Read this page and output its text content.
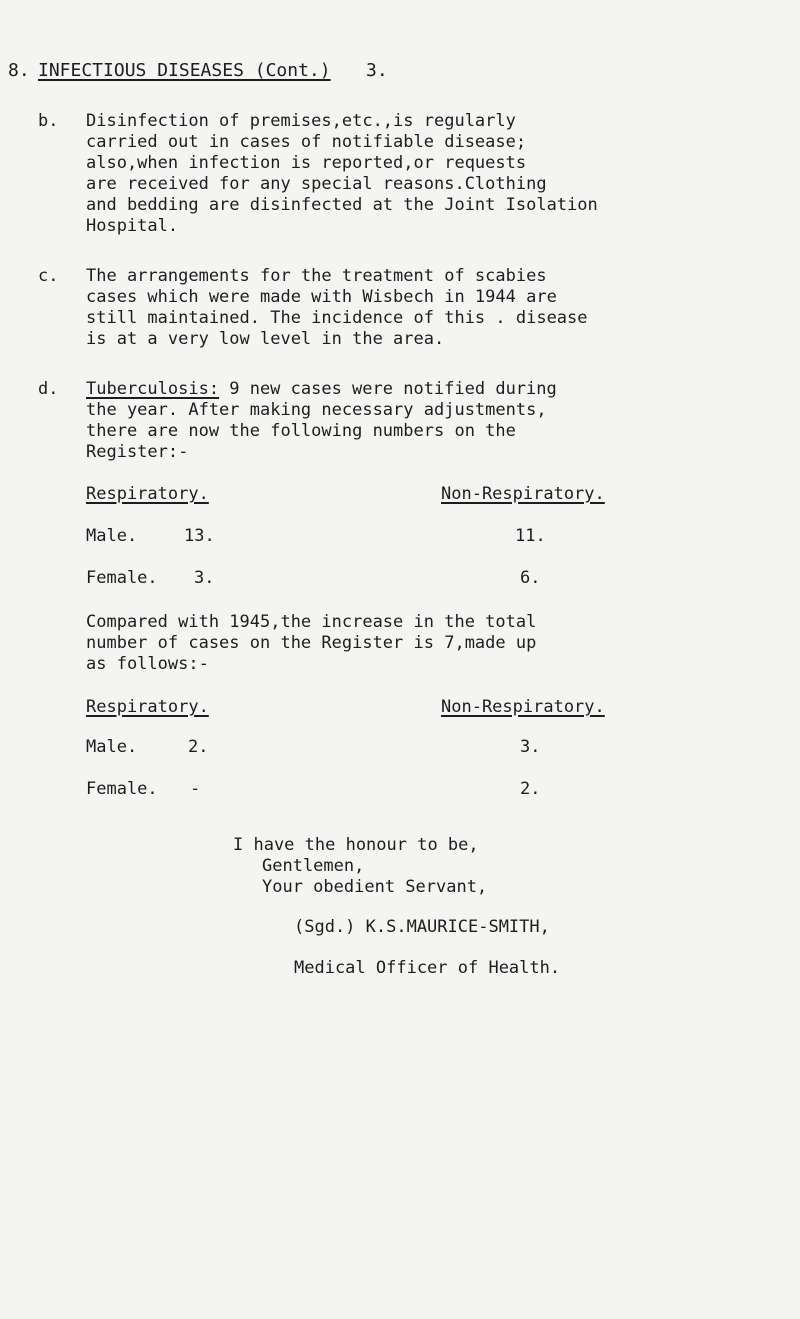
8. INFECTIOUS DISEASES (Cont.) 3.
b. Disinfection of premises,etc.,is regularly
carried out in cases of notifiable disease;
also,when infection is reported,or requests
are received for any special reasons.Clothing
and bedding are disinfected at the Joint Isolation
Hospital.
c. The arrangements for the treatment of scabies
cases which were made with Wisbech in 1944 are
still maintained. The incidence of this . disease
is at a very low level in the area.
d. Tuberculosis: 9 new cases were notified during
the year. After making necessary adjustments,
there are now the following numbers on the
Register:-
Respiratory.	Non-Respiratory.
Male.	13.	11.
Female. 3.	6.
Compared with 1945,the increase in the total
number of cases on the Register is 7,made up
as follows:-
Respiratory.	Non-Respiratory.
Male.	2.	3.
Female. -	2.
I have the honour to be,
Gentlemen,
Your obedient Servant,
(Sgd.) K.S.MAURICE-SMITH,
Medical Officer of Health.
